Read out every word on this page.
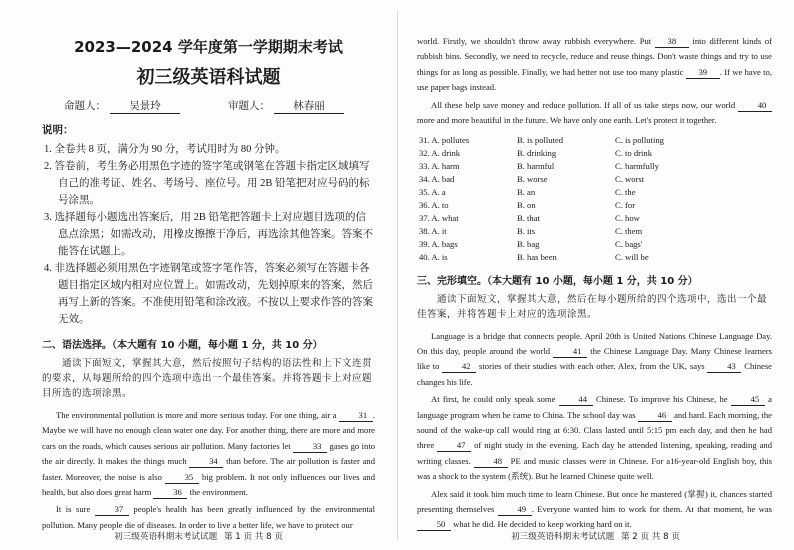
2023—2024 学年度第一学期期末考试
初三级英语科试题
命题人：	吴景玲	审题人：	林春丽
说明：

1. 全卷共 8 页，满分为 90 分，考试用时为 80 分钟。

2. 答卷前，考生务必用黑色字迹的签字笔或钢笔在答题卡指定区域填写自己的准考证、姓名、考场号、座位号。用 2B 铅笔把对应号码的标号涂黑。

3. 选择题每小题选出答案后，用 2B 铅笔把答题卡上对应题目选项的信息点涂黑；如需改动，用橡皮擦擦干净后，再选涂其他答案。答案不能答在试题上。

4. 非选择题必须用黑色字迹钢笔或签字笔作答，答案必须写在答题卡各题目指定区域内相对应位置上。如需改动，先划掉原来的答案，然后再写上新的答案。不准使用铅笔和涂改液。不按以上要求作答的答案无效。

二、语法选择。（本大题有 10 小题，每小题 1 分，共 10 分）

通读下面短文，掌握其大意，然后按照句子结构的语法性和上下文连贯的要求，从每题所给的四个选项中选出一个最佳答案。并将答题卡上对应题目所选的选项涂黑。

The environmental pollution is more and more serious today. For one thing, air a 31 . Maybe we will have no enough clean water one day. For another thing, there are more and more cars on the roads, which causes serious air pollution. Many factories let 33 gases go into the air directly. It makes the things much 34 than before. The air pollution is faster and faster. Moreover, the noise is also 35 big problem. It not only influences our lives and health, but also does great harm 36 the environment.

It is sure 37 people's health has been greatly influenced by the environmental pollution. Many people die of diseases. In order to live a better life, we have to protect our

初三级英语科期末考试试题 第 1 页 共 8 页

world. Firstly, we shouldn't throw away rubbish everywhere. Put 38 into different kinds of rubbish bins. Secondly, we need to recycle, reduce and reuse things. Don't waste things and try to use things for as long as possible. Finally, we had better not use too many plastic 39 . If we have to, use paper bags instead.

All these help save money and reduce pollution. If all of us take steps now, our world 40 more and more beautiful in the future. We have only one earth. Let's protect it together.

31. A. pollutes	B. is polluted	C. is polluting
32. A. drink	B. drinking	C. to drink
33. A. harm	B. harmful	C. harmfully
34. A. bad	B. worse	C. worst
35. A. a	B. an	C. the
36. A. to	B. on	C. for
37. A. what	B. that	C. how
38. A. it	B. its	C. them
39. A. bags	B. bag	C. bags'
40. A. is	B. has been	C. will be
三、完形填空。（本大题有 10 小题，每小题 1 分，共 10 分）

通读下面短文，掌握其大意，然后在每小题所给的四个选项中，选出一个最佳答案，并将答题卡上对应的选项涂黑。

Language is a bridge that connects people. April 20th is United Nations Chinese Language Day. On this day, people around the world 41 the Chinese Language Day. Many Chinese learners like to 42 stories of their studies with each other. Alex, from the UK, says 43 Chinese changes his life.

At first, he could only speak some 44 Chinese. To improve his Chinese, he 45 a language program when he came to China. The school day was 46 and hard. Each morning, the sound of the wake-up call would ring at 6:30. Class lasted until 5:15 pm each day, and then he had three 47 of night study in the evening. Each day he attended listening, speaking, reading and writing classes. 48 PE and music classes were in Chinese. For a16-year-old English boy, this was a shock to the system (系统). But he learned Chinese quite well.

Alex said it took him much time to learn Chinese. But once he mastered (掌握) it, chances started presenting themselves 49 . Everyone wanted him to work for them. At that moment, he was 50 what he did. He decided to keep working hard on it.

初三级英语科期末考试试题 第 2 页 共 8 页
